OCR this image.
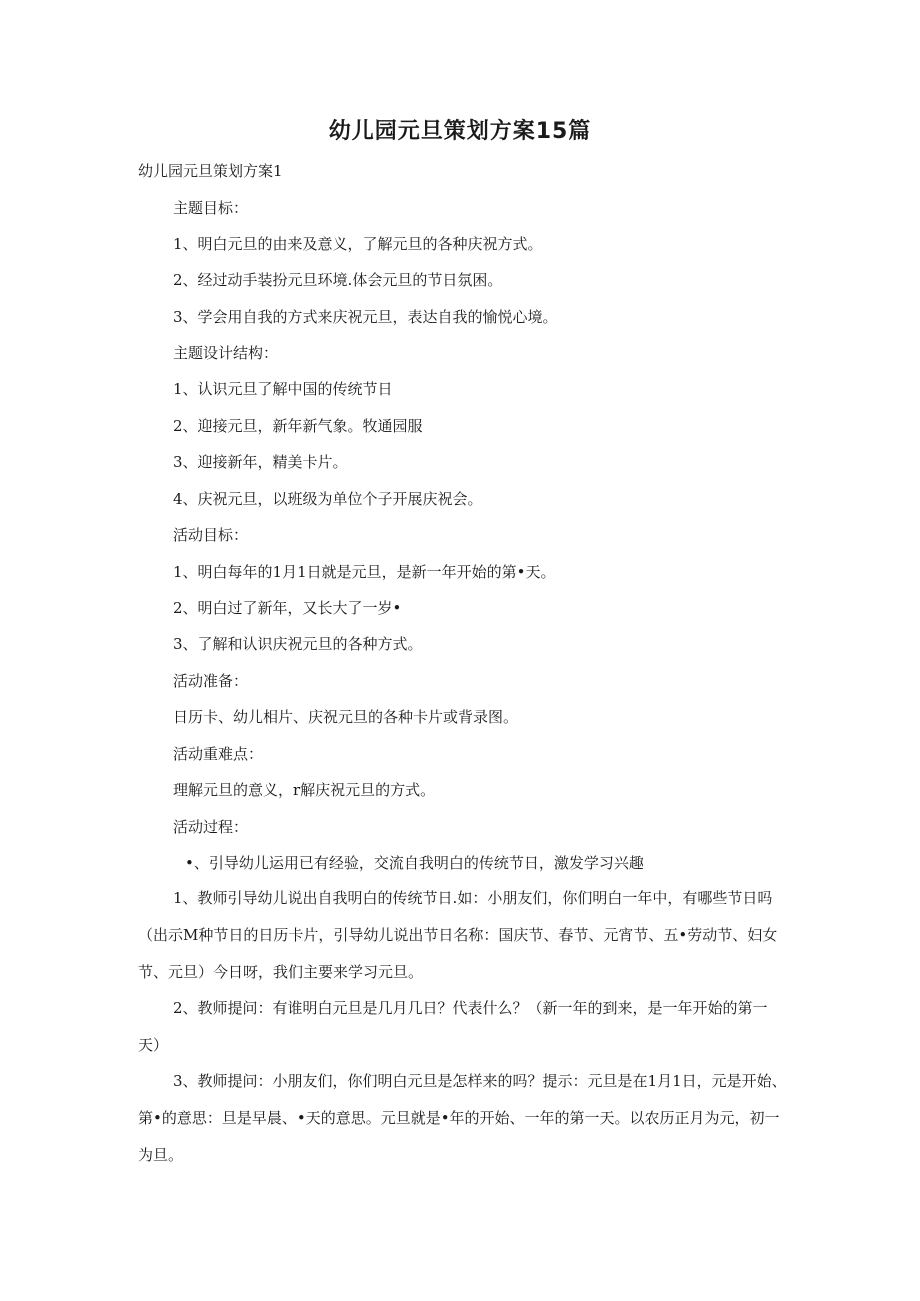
幼儿园元旦策划方案15篇

幼儿园元旦策划方案1

主题目标：

1、明白元旦的由来及意义，了解元旦的各种庆祝方式。

2、经过动手装扮元旦环境.体会元旦的节日氛困。

3、学会用自我的方式来庆祝元旦，表达自我的愉悦心境。

主题设计结构：

1、认识元旦了解中国的传统节日

2、迎接元旦，新年新气象。牧通园服

3、迎接新年，精美卡片。

4、庆祝元旦，以班级为单位个子开展庆祝会。

活动目标：

1、明白每年的1月1日就是元旦，是新一年开始的第•天。

2、明白过了新年，又长大了一岁•

3、了解和认识庆祝元旦的各种方式。

活动准备：

日历卡、幼儿相片、庆祝元旦的各种卡片或背录图。

活动重难点：

理解元旦的意义，r解庆祝元旦的方式。

活动过程：

•、引导幼儿运用已有经验，交流自我明白的传统节日，激发学习兴趣

1、教师引导幼儿说出自我明白的传统节日.如：小朋友们，你们明白一年中，有哪些节日吗（出示M种节日的日历卡片，引导幼儿说出节日名称：国庆节、春节、元宵节、五•劳动节、妇女节、元旦）今日呀，我们主要来学习元旦。

2、教师提问：有谁明白元旦是几月几日？代表什么？（新一年的到来，是一年开始的第一天）

3、教师提问：小朋友们，你们明白元旦是怎样来的吗？提示：元旦是在1月1日，元是开始、第•的意思：旦是早晨、•天的意思。元旦就是•年的开始、一年的第一天。以农历正月为元，初一为旦。
